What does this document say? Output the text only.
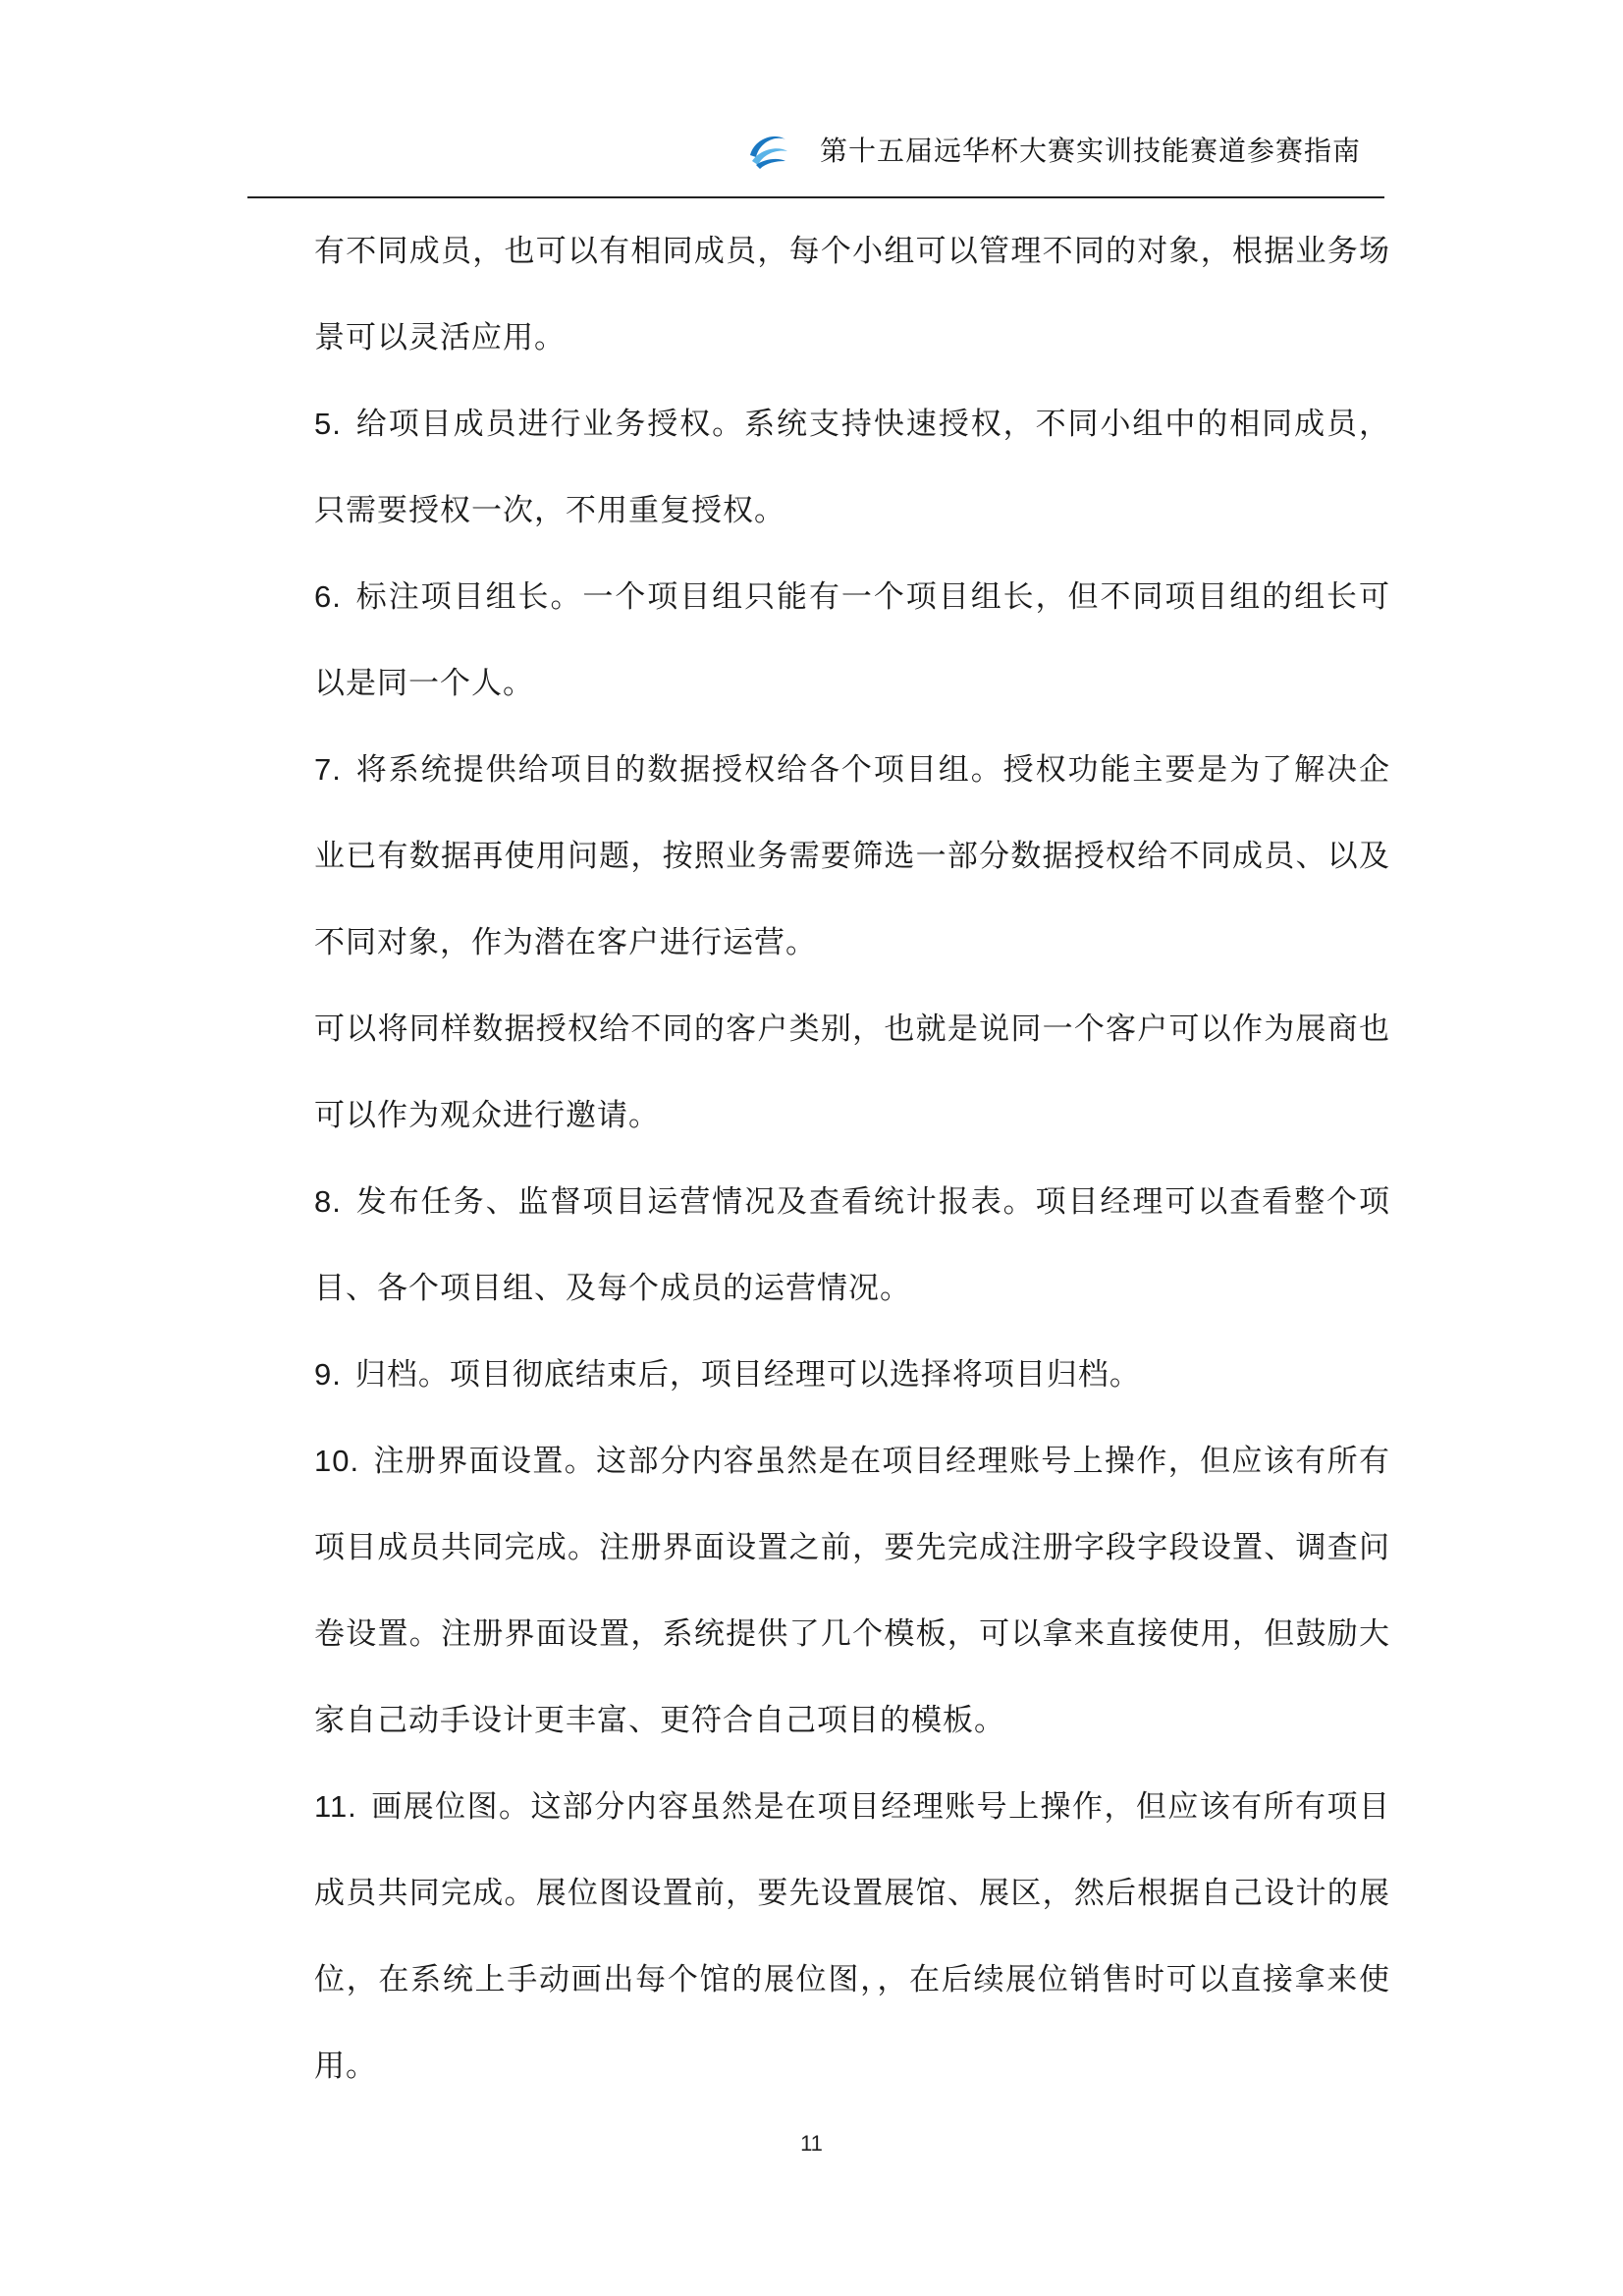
第十五届远华杯大赛实训技能赛道参赛指南

有不同成员，也可以有相同成员，每个小组可以管理不同的对象，根据业务场景可以灵活应用。

5. 给项目成员进行业务授权。系统支持快速授权，不同小组中的相同成员，只需要授权一次，不用重复授权。

6. 标注项目组长。一个项目组只能有一个项目组长，但不同项目组的组长可以是同一个人。

7. 将系统提供给项目的数据授权给各个项目组。授权功能主要是为了解决企业已有数据再使用问题，按照业务需要筛选一部分数据授权给不同成员、以及不同对象，作为潜在客户进行运营。

可以将同样数据授权给不同的客户类别，也就是说同一个客户可以作为展商也可以作为观众进行邀请。

8. 发布任务、监督项目运营情况及查看统计报表。项目经理可以查看整个项目、各个项目组、及每个成员的运营情况。

9. 归档。项目彻底结束后，项目经理可以选择将项目归档。

10. 注册界面设置。这部分内容虽然是在项目经理账号上操作，但应该有所有项目成员共同完成。注册界面设置之前，要先完成注册字段字段设置、调查问卷设置。注册界面设置，系统提供了几个模板，可以拿来直接使用，但鼓励大家自己动手设计更丰富、更符合自己项目的模板。

11. 画展位图。这部分内容虽然是在项目经理账号上操作，但应该有所有项目成员共同完成。展位图设置前，要先设置展馆、展区，然后根据自己设计的展位，在系统上手动画出每个馆的展位图，，在后续展位销售时可以直接拿来使用。

11
